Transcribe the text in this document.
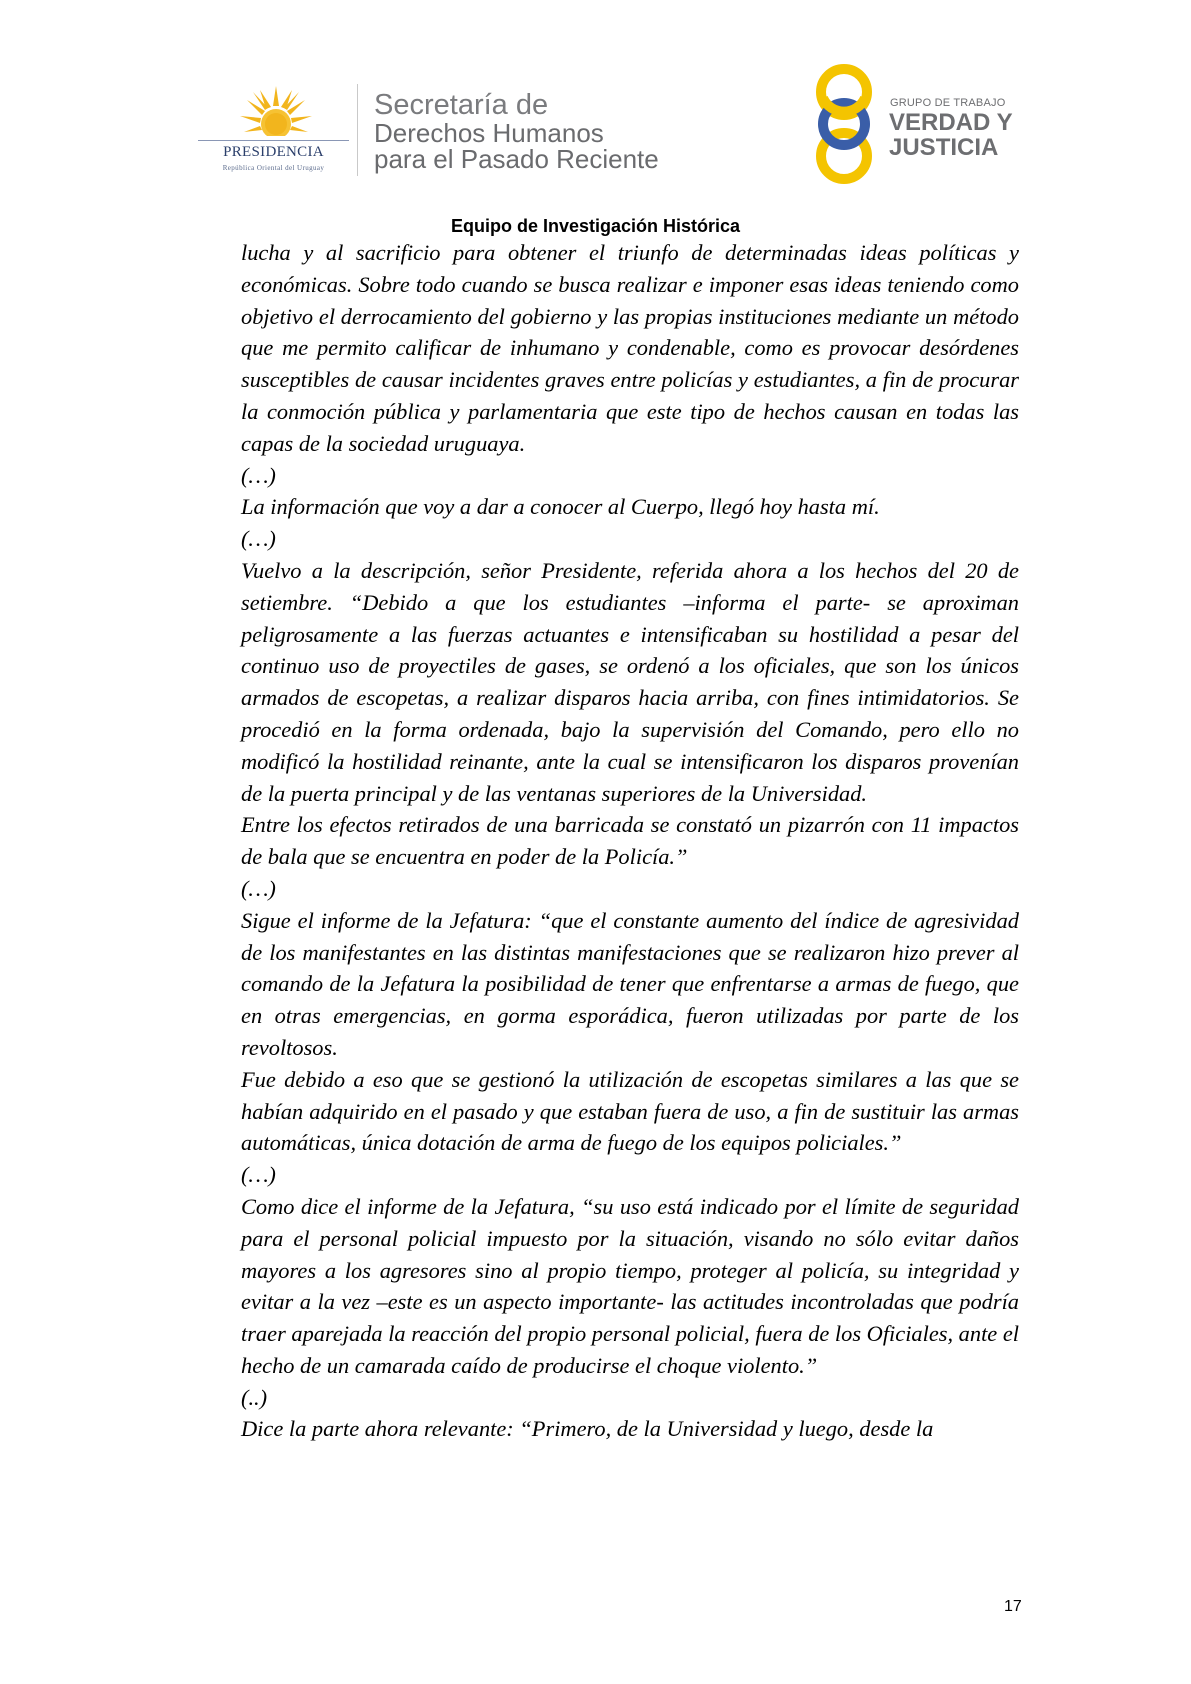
PRESIDENCIA
República Oriental del Uruguay
Secretaría de
Derechos Humanos
para el Pasado Reciente
GRUPO DE TRABAJO
VERDAD Y
JUSTICIA
Equipo de Investigación Histórica

lucha y al sacrificio para obtener el triunfo de determinadas ideas políticas y económicas. Sobre todo cuando se busca realizar e imponer esas ideas teniendo como objetivo el derrocamiento del gobierno y las propias instituciones mediante un método que me permito calificar de inhumano y condenable, como es provocar desórdenes susceptibles de causar incidentes graves entre policías y estudiantes, a fin de procurar la conmoción pública y parlamentaria que este tipo de hechos causan en todas las capas de la sociedad uruguaya.

(…)

La información que voy a dar a conocer al Cuerpo, llegó hoy hasta mí.

(…)

Vuelvo a la descripción, señor Presidente, referida ahora a los hechos del 20 de setiembre. “Debido a que los estudiantes –informa el parte- se aproximan peligrosamente a las fuerzas actuantes e intensificaban su hostilidad a pesar del continuo uso de proyectiles de gases, se ordenó a los oficiales, que son los únicos armados de escopetas, a realizar disparos hacia arriba, con fines intimidatorios. Se procedió en la forma ordenada, bajo la supervisión del Comando, pero ello no modificó la hostilidad reinante, ante la cual se intensificaron los disparos provenían de la puerta principal y de las ventanas superiores de la Universidad.

Entre los efectos retirados de una barricada se constató un pizarrón con 11 impactos de bala que se encuentra en poder de la Policía.”

(…)

Sigue el informe de la Jefatura: “que el constante aumento del índice de agresividad de los manifestantes en las distintas manifestaciones que se realizaron hizo prever al comando de la Jefatura la posibilidad de tener que enfrentarse a armas de fuego, que en otras emergencias, en gorma esporádica, fueron utilizadas por parte de los revoltosos.

Fue debido a eso que se gestionó la utilización de escopetas similares a las que se habían adquirido en el pasado y que estaban fuera de uso, a fin de sustituir las armas automáticas, única dotación de arma de fuego de los equipos policiales.”

(…)

Como dice el informe de la Jefatura, “su uso está indicado por el límite de seguridad para el personal policial impuesto por la situación, visando no sólo evitar daños mayores a los agresores sino al propio tiempo, proteger al policía, su integridad y evitar a la vez –este es un aspecto importante- las actitudes incontroladas que podría traer aparejada la reacción del propio personal policial, fuera de los Oficiales, ante el hecho de un camarada caído de producirse el choque violento.”

(..)

Dice la parte ahora relevante: “Primero, de la Universidad y luego, desde la

17
